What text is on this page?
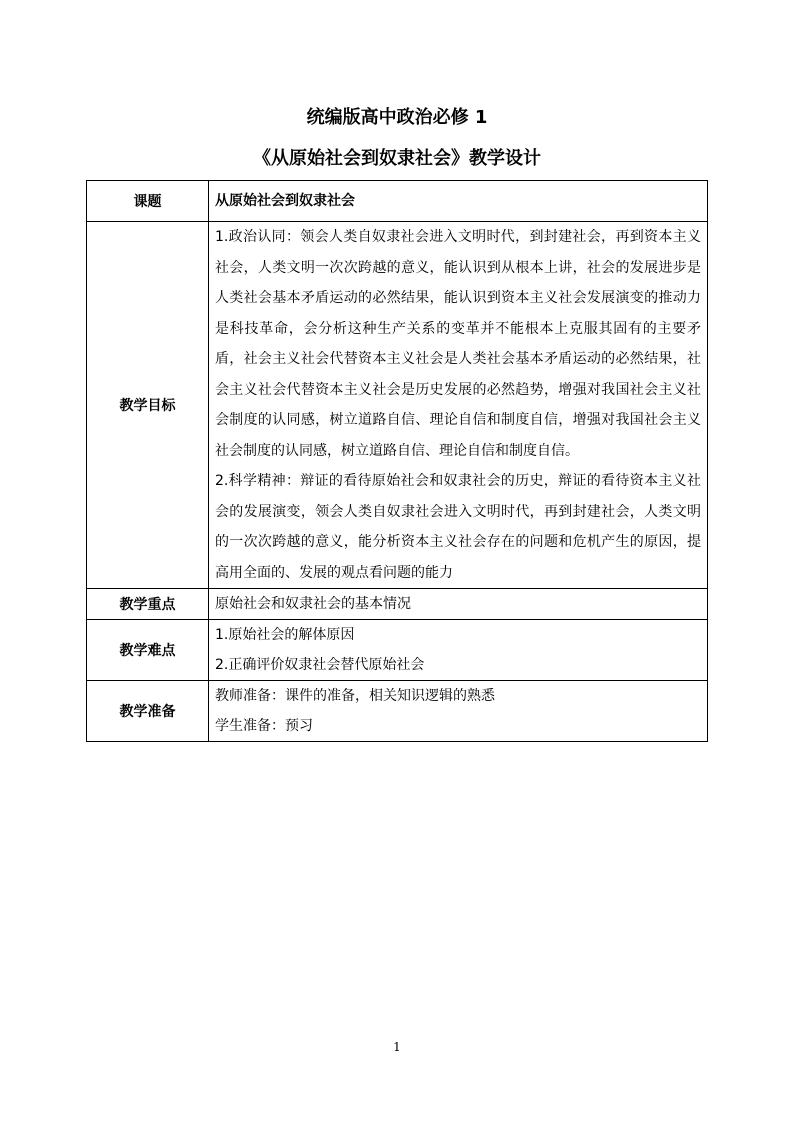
统编版高中政治必修 1
《从原始社会到奴隶社会》教学设计
课题	从原始社会到奴隶社会
教学目标	1.政治认同：领会人类自奴隶社会进入文明时代，到封建社会，再到资本主义社会，人类文明一次次跨越的意义，能认识到从根本上讲，社会的发展进步是人类社会基本矛盾运动的必然结果，能认识到资本主义社会发展演变的推动力是科技革命，会分析这种生产关系的变革并不能根本上克服其固有的主要矛盾，社会主义社会代替资本主义社会是人类社会基本矛盾运动的必然结果，社会主义社会代替资本主义社会是历史发展的必然趋势，增强对我国社会主义社会制度的认同感，树立道路自信、理论自信和制度自信，增强对我国社会主义社会制度的认同感，树立道路自信、理论自信和制度自信。

2.科学精神：辩证的看待原始社会和奴隶社会的历史，辩证的看待资本主义社会的发展演变，领会人类自奴隶社会进入文明时代，再到封建社会，人类文明的一次次跨越的意义，能分析资本主义社会存在的问题和危机产生的原因，提高用全面的、发展的观点看问题的能力

教学重点	原始社会和奴隶社会的基本情况
教学难点	1.原始社会的解体原因

2.正确评价奴隶社会替代原始社会

教学准备	教师准备：课件的准备，相关知识逻辑的熟悉

学生准备：预习

1
